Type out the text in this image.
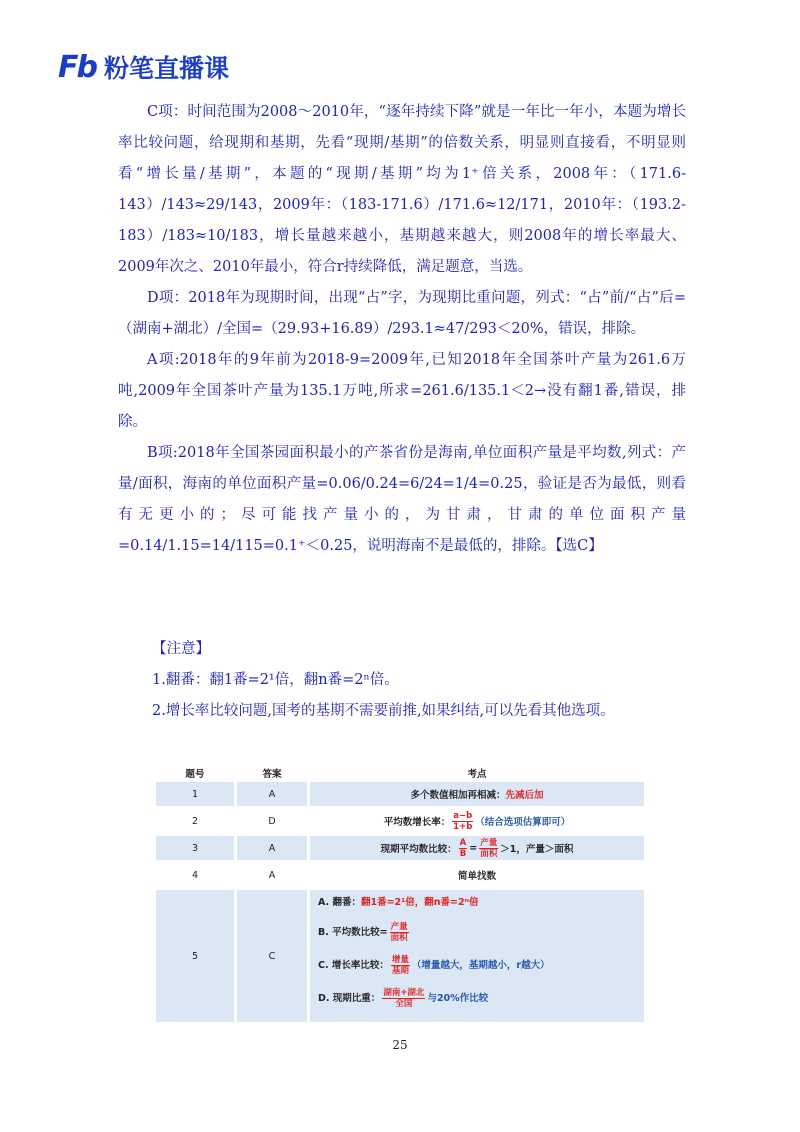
Fb 粉笔直播课

C项：时间范围为2008～2010年，“逐年持续下降”就是一年比一年小，本题为增长率比较问题，给现期和基期，先看“现期/基期”的倍数关系，明显则直接看，不明显则看“增长量/基期”，本题的“现期/基期”均为1⁺倍关系，2008年：（171.6-143）/143≈29/143，2009年：（183-171.6）/171.6≈12/171，2010年：（193.2-183）/183≈10/183，增长量越来越小，基期越来越大，则2008年的增长率最大、2009年次之、2010年最小，符合r持续降低，满足题意，当选。

D项：2018年为现期时间，出现“占”字，为现期比重问题，列式：“占”前/“占”后=（湖南+湖北）/全国=（29.93+16.89）/293.1≈47/293＜20%，错误，排除。

A项:2018年的9年前为2018-9=2009年,已知2018年全国茶叶产量为261.6万吨,2009年全国茶叶产量为135.1万吨,所求=261.6/135.1＜2→没有翻1番,错误，排除。

B项:2018年全国茶园面积最小的产茶省份是海南,单位面积产量是平均数,列式：产量/面积，海南的单位面积产量=0.06/0.24=6/24=1/4=0.25，验证是否为最低，则看有无更小的；尽可能找产量小的，为甘肃，甘肃的单位面积产量=0.14/1.15=14/115=0.1⁺＜0.25，说明海南不是最低的，排除。【选C】

【注意】
1.翻番：翻1番=2¹倍，翻n番=2ⁿ倍。
2.增长率比较问题,国考的基期不需要前推,如果纠结,可以先看其他选项。
题号	答案	考点
1	A	多个数值相加再相减：先减后加
2	D	平均数增长率： $\frac{a-b}{1+b}$ （结合选项估算即可）
3	A	现期平均数比较： $\frac{A}{B} = \frac{\text{产量}}{\text{面积}} >1$，产量＞面积
4	A	简单找数
5	C
A. 翻番：翻1番=2¹倍，翻n番=2ⁿ倍
B. 平均数比较= $\frac{\text{产量}}{\text{面积}}$
C. 增长率比较： $\frac{\text{增量}}{\text{基期}}$ （增量越大，基期越小，r越大）
D. 现期比重： $\frac{\text{湖南+湖北}}{\text{全国}}$ 与20%作比较
25
